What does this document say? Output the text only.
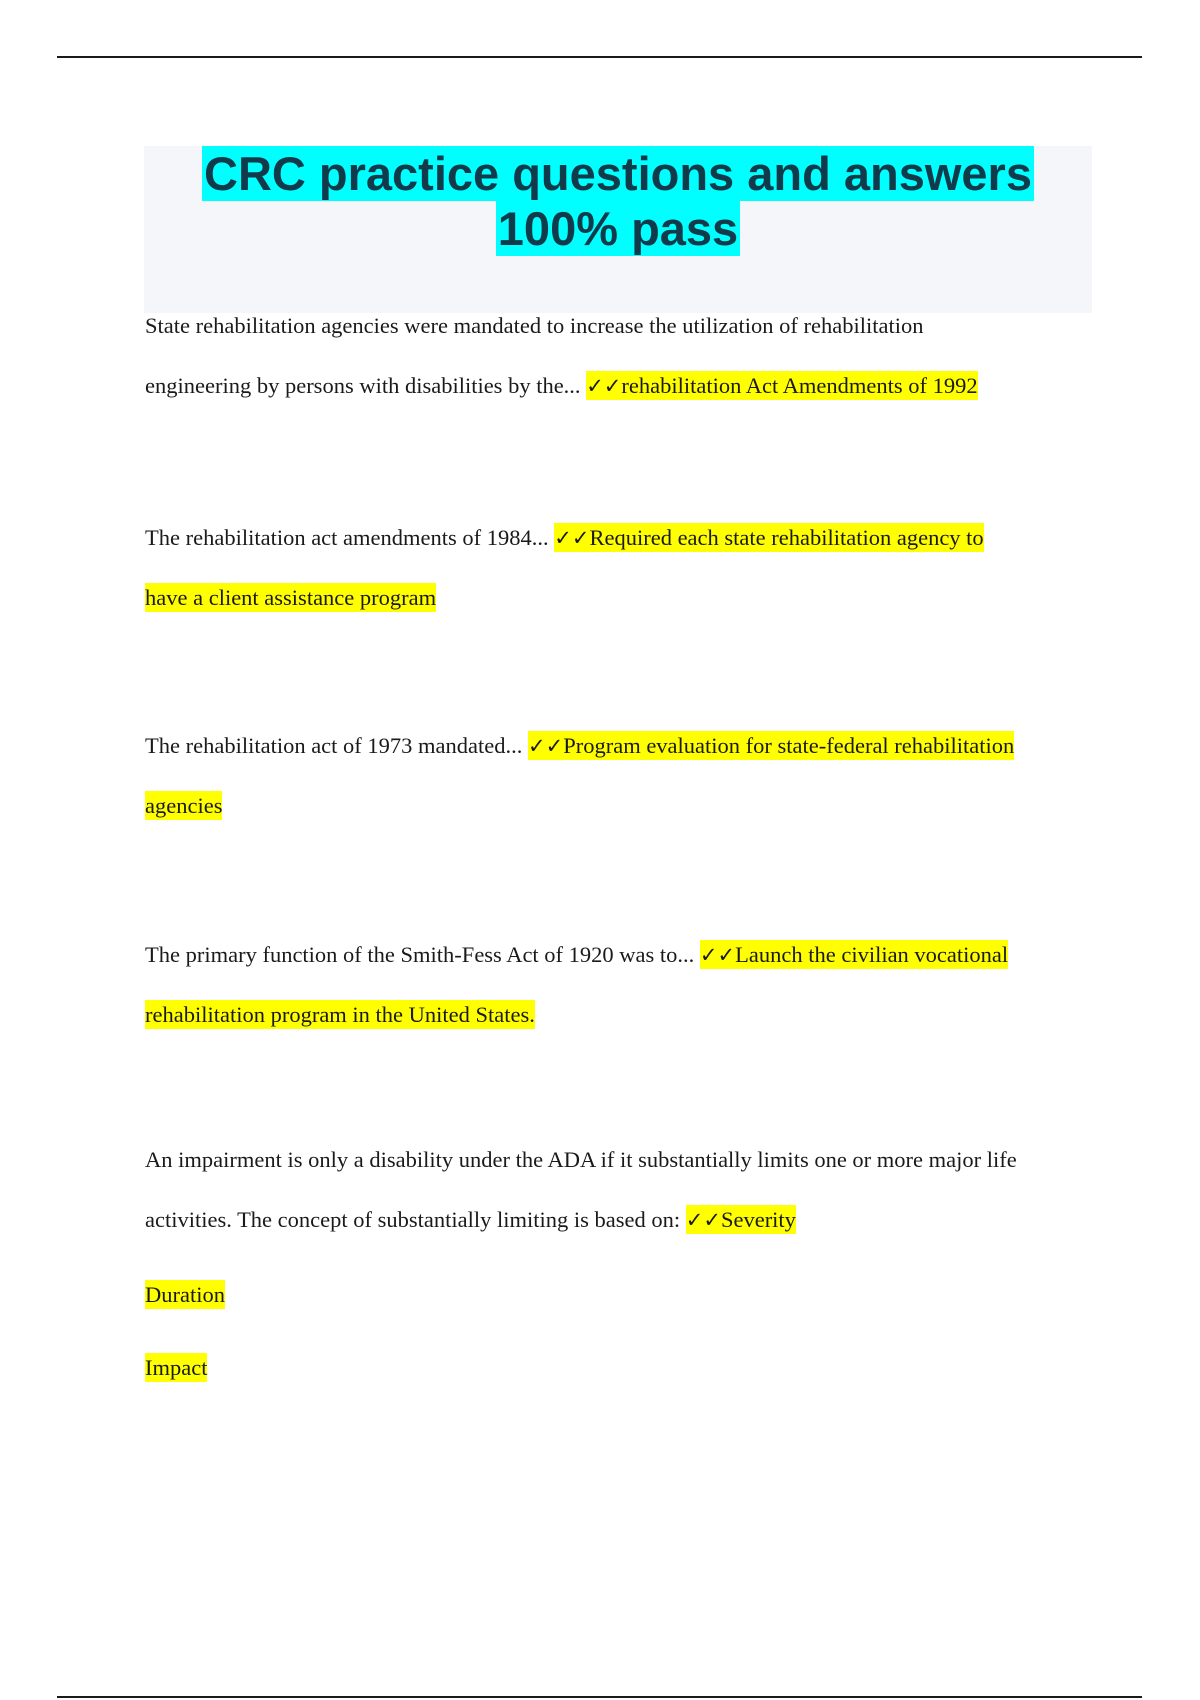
CRC practice questions and answers
100% pass
State rehabilitation agencies were mandated to increase the utilization of rehabilitation
engineering by persons with disabilities by the... ✓✓rehabilitation Act Amendments of 1992
The rehabilitation act amendments of 1984... ✓✓Required each state rehabilitation agency to
have a client assistance program
The rehabilitation act of 1973 mandated... ✓✓Program evaluation for state-federal rehabilitation
agencies
The primary function of the Smith-Fess Act of 1920 was to... ✓✓Launch the civilian vocational
rehabilitation program in the United States.
An impairment is only a disability under the ADA if it substantially limits one or more major life
activities. The concept of substantially limiting is based on: ✓✓Severity
Duration
Impact
